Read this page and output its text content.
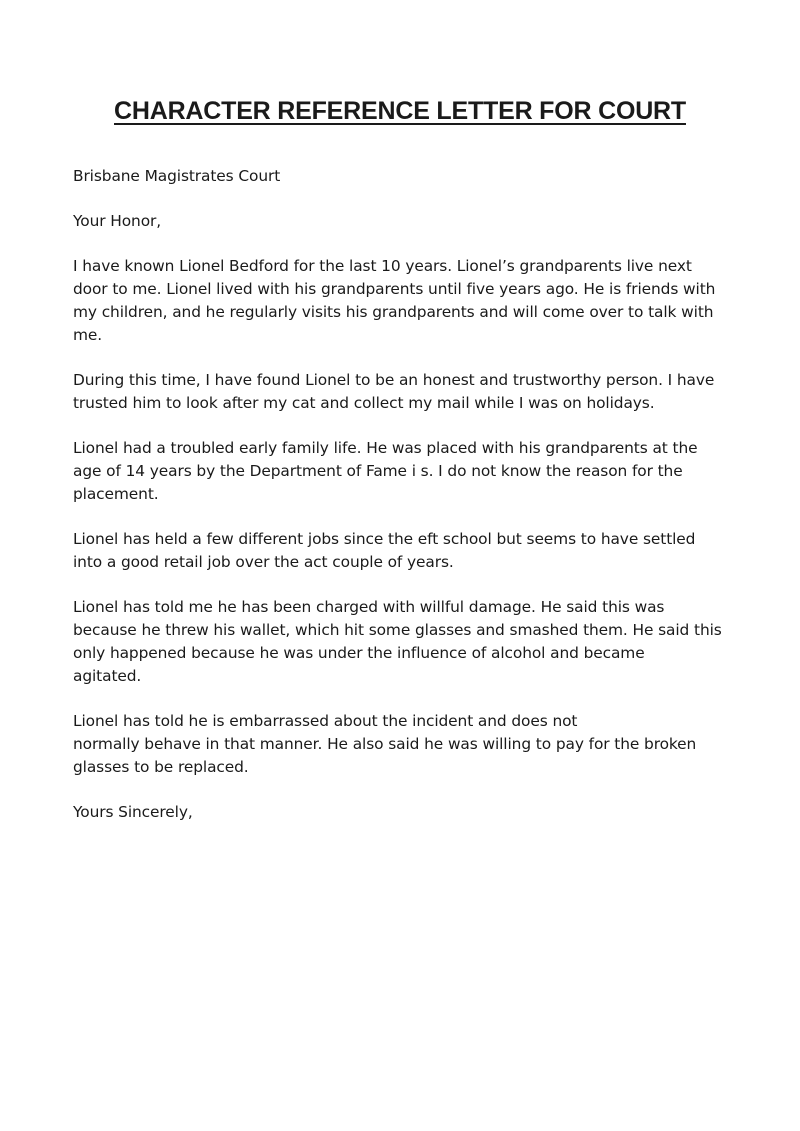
CHARACTER REFERENCE LETTER FOR COURT

Brisbane Magistrates Court

Your Honor,

I have known Lionel Bedford for the last 10 years. Lionel’s grandparents live next
door to me. Lionel lived with his grandparents until five years ago. He is friends with
my children, and he regularly visits his grandparents and will come over to talk with
me.

During this time, I have found Lionel to be an honest and trustworthy person. I have
trusted him to look after my cat and collect my mail while I was on holidays.

Lionel had a troubled early family life. He was placed with his grandparents at the
age of 14 years by the Department of Fame i s. I do not know the reason for the
placement.

Lionel has held a few different jobs since the eft school but seems to have settled
into a good retail job over the act couple of years.

Lionel has told me he has been charged with willful damage. He said this was
because he threw his wallet, which hit some glasses and smashed them. He said this
only happened because he was under the influence of alcohol and became
agitated.

Lionel has told he is embarrassed about the incident and does not
normally behave in that manner. He also said he was willing to pay for the broken
glasses to be replaced.

Yours Sincerely,
